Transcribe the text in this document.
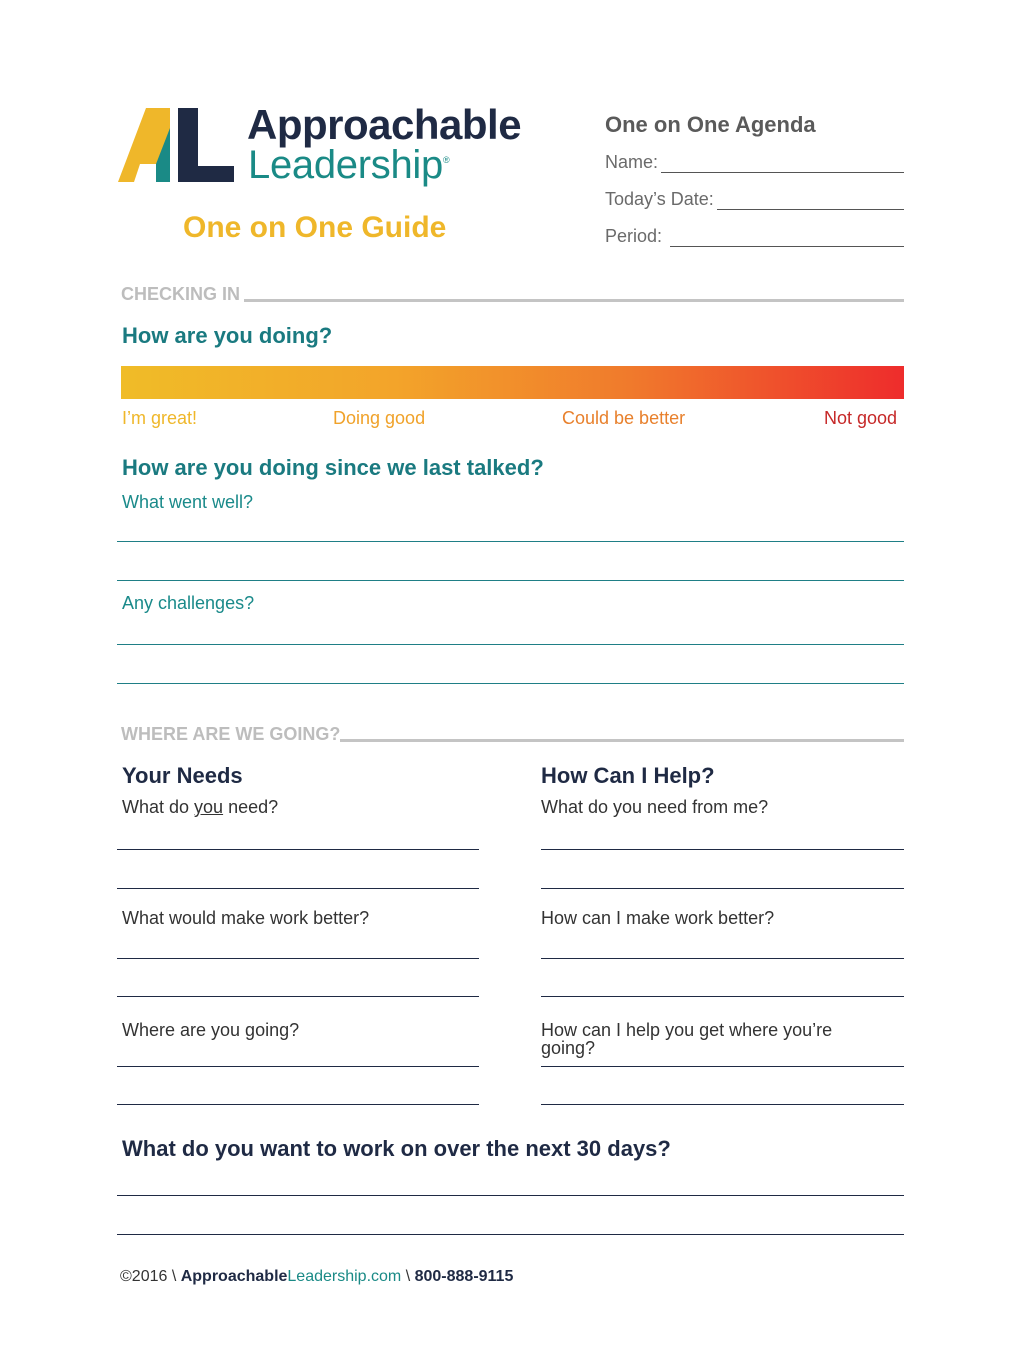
Approachable
Leadership®
One on One Guide
One on One Agenda
Name:
Today’s Date:
Period:
CHECKING IN
How are you doing?
I’m great!	Doing good	Could be better	Not good
How are you doing since we last talked?
What went well?
Any challenges?
WHERE ARE WE GOING?
Your Needs
What do you need?
What would make work better?
Where are you going?
How Can I Help?
What do you need from me?
How can I make work better?
How can I help you get where you’re
going?
What do you want to work on over the next 30 days?
©2016 \ ApproachableLeadership.com \ 800-888-9115
